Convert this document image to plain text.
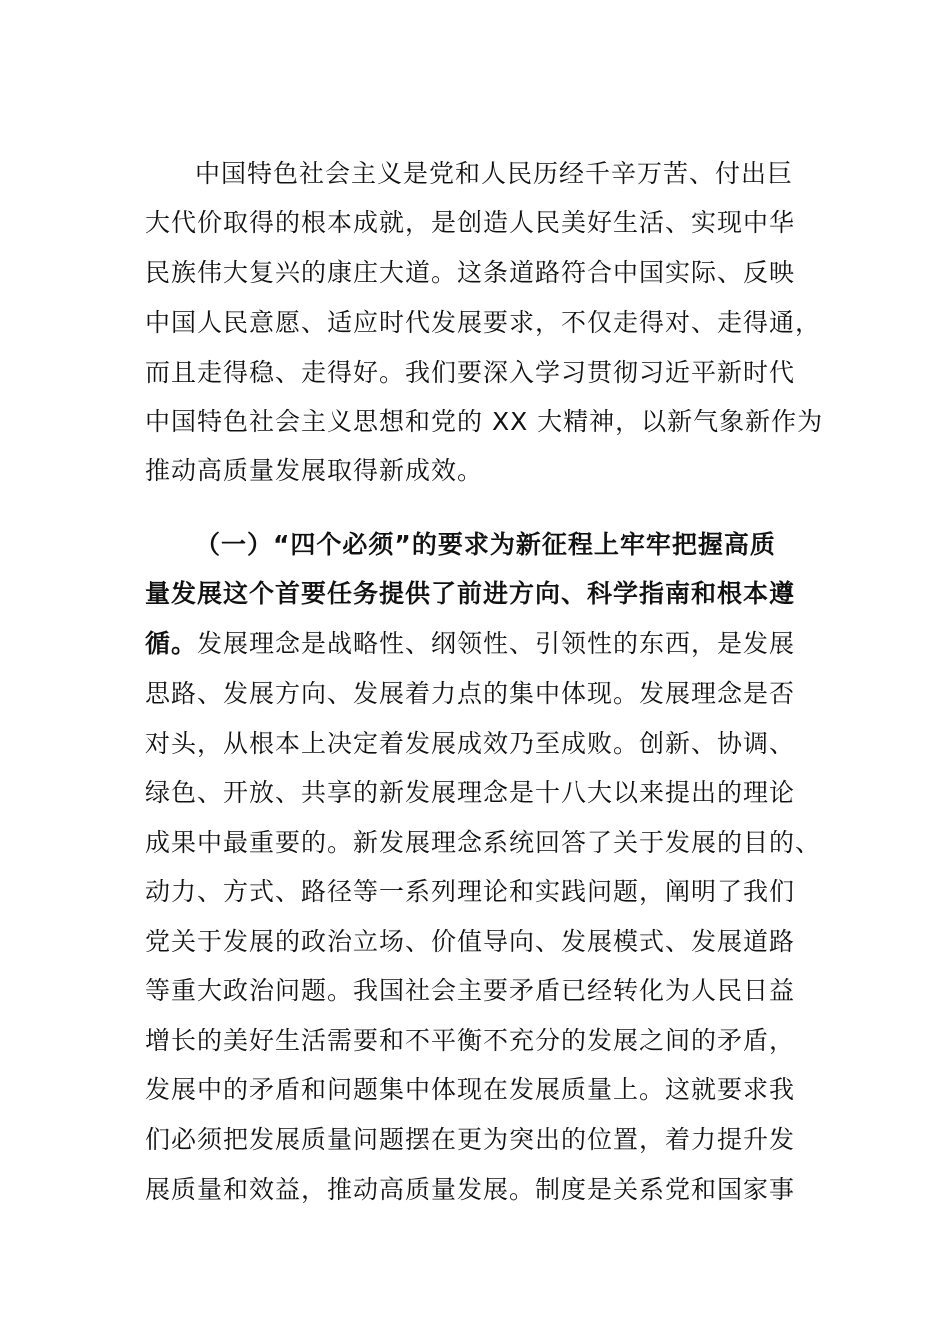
中国特色社会主义是党和人民历经千辛万苦、付出巨
大代价取得的根本成就，是创造人民美好生活、实现中华
民族伟大复兴的康庄大道。这条道路符合中国实际、反映
中国人民意愿、适应时代发展要求，不仅走得对、走得通，
而且走得稳、走得好。我们要深入学习贯彻习近平新时代
中国特色社会主义思想和党的 XX 大精神，以新气象新作为
推动高质量发展取得新成效。
（一）“四个必须”的要求为新征程上牢牢把握高质
量发展这个首要任务提供了前进方向、科学指南和根本遵
循。发展理念是战略性、纲领性、引领性的东西，是发展
思路、发展方向、发展着力点的集中体现。发展理念是否
对头，从根本上决定着发展成效乃至成败。创新、协调、
绿色、开放、共享的新发展理念是十八大以来提出的理论
成果中最重要的。新发展理念系统回答了关于发展的目的、
动力、方式、路径等一系列理论和实践问题，阐明了我们
党关于发展的政治立场、价值导向、发展模式、发展道路
等重大政治问题。我国社会主要矛盾已经转化为人民日益
增长的美好生活需要和不平衡不充分的发展之间的矛盾，
发展中的矛盾和问题集中体现在发展质量上。这就要求我
们必须把发展质量问题摆在更为突出的位置，着力提升发
展质量和效益，推动高质量发展。制度是关系党和国家事
